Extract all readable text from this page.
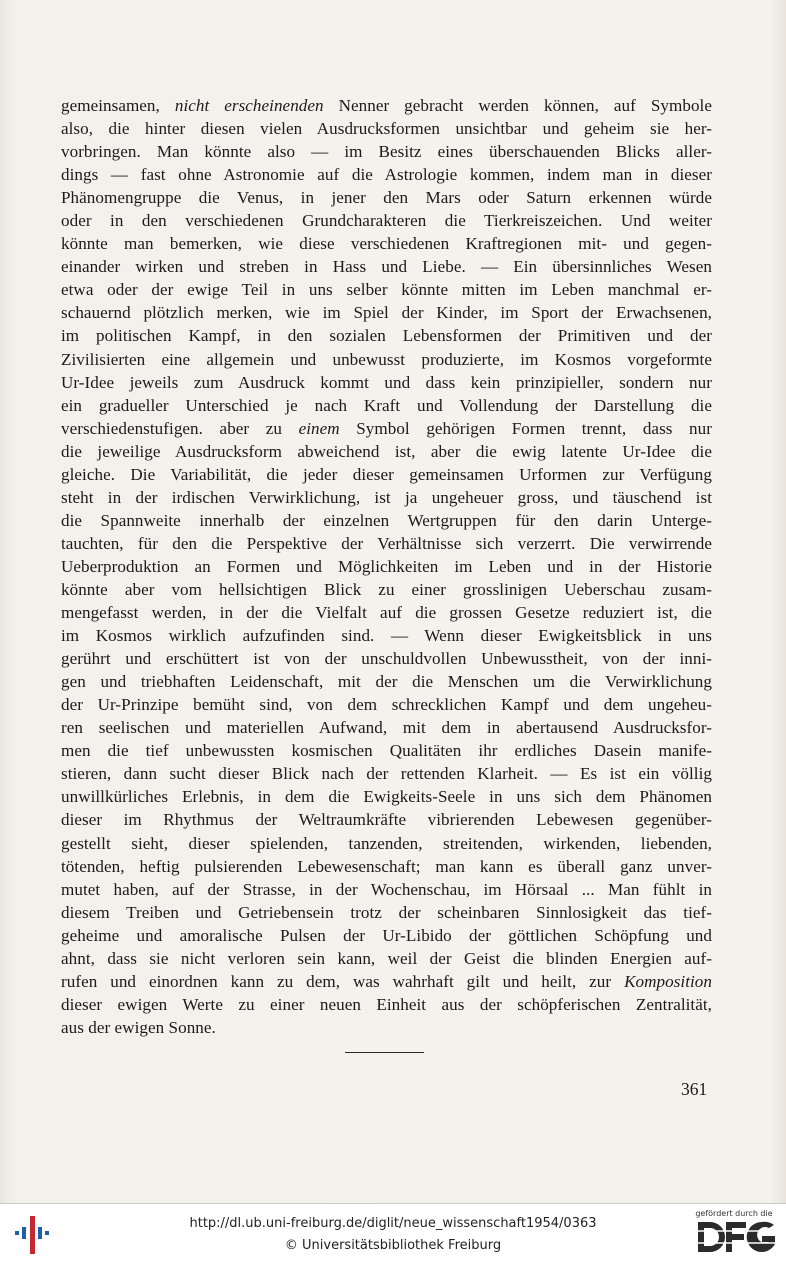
gemeinsamen, nicht erscheinenden Nenner gebracht werden können, auf Symbole
also, die hinter diesen vielen Ausdrucksformen unsichtbar und geheim sie her-
vorbringen. Man könnte also — im Besitz eines überschauenden Blicks aller-
dings — fast ohne Astronomie auf die Astrologie kommen, indem man in dieser
Phänomengruppe die Venus, in jener den Mars oder Saturn erkennen würde
oder in den verschiedenen Grundcharakteren die Tierkreiszeichen. Und weiter
könnte man bemerken, wie diese verschiedenen Kraftregionen mit- und gegen-
einander wirken und streben in Hass und Liebe. — Ein übersinnliches Wesen
etwa oder der ewige Teil in uns selber könnte mitten im Leben manchmal er-
schauernd plötzlich merken, wie im Spiel der Kinder, im Sport der Erwachsenen,
im politischen Kampf, in den sozialen Lebensformen der Primitiven und der
Zivilisierten eine allgemein und unbewusst produzierte, im Kosmos vorgeformte
Ur-Idee jeweils zum Ausdruck kommt und dass kein prinzipieller, sondern nur
ein gradueller Unterschied je nach Kraft und Vollendung der Darstellung die
verschiedenstufigen. aber zu einem Symbol gehörigen Formen trennt, dass nur
die jeweilige Ausdrucksform abweichend ist, aber die ewig latente Ur-Idee die
gleiche. Die Variabilität, die jeder dieser gemeinsamen Urformen zur Verfügung
steht in der irdischen Verwirklichung, ist ja ungeheuer gross, und täuschend ist
die Spannweite innerhalb der einzelnen Wertgruppen für den darin Unterge-
tauchten, für den die Perspektive der Verhältnisse sich verzerrt. Die verwirrende
Ueberproduktion an Formen und Möglichkeiten im Leben und in der Historie
könnte aber vom hellsichtigen Blick zu einer grosslinigen Ueberschau zusam-
mengefasst werden, in der die Vielfalt auf die grossen Gesetze reduziert ist, die
im Kosmos wirklich aufzufinden sind. — Wenn dieser Ewigkeitsblick in uns
gerührt und erschüttert ist von der unschuldvollen Unbewusstheit, von der inni-
gen und triebhaften Leidenschaft, mit der die Menschen um die Verwirklichung
der Ur-Prinzipe bemüht sind, von dem schrecklichen Kampf und dem ungeheu-
ren seelischen und materiellen Aufwand, mit dem in abertausend Ausdrucksfor-
men die tief unbewussten kosmischen Qualitäten ihr erdliches Dasein manife-
stieren, dann sucht dieser Blick nach der rettenden Klarheit. — Es ist ein völlig
unwillkürliches Erlebnis, in dem die Ewigkeits-Seele in uns sich dem Phänomen
dieser im Rhythmus der Weltraumkräfte vibrierenden Lebewesen gegenüber-
gestellt sieht, dieser spielenden, tanzenden, streitenden, wirkenden, liebenden,
tötenden, heftig pulsierenden Lebewesenschaft; man kann es überall ganz unver-
mutet haben, auf der Strasse, in der Wochenschau, im Hörsaal ... Man fühlt in
diesem Treiben und Getriebensein trotz der scheinbaren Sinnlosigkeit das tief-
geheime und amoralische Pulsen der Ur-Libido der göttlichen Schöpfung und
ahnt, dass sie nicht verloren sein kann, weil der Geist die blinden Energien auf-
rufen und einordnen kann zu dem, was wahrhaft gilt und heilt, zur Komposition
dieser ewigen Werte zu einer neuen Einheit aus der schöpferischen Zentralität,
aus der ewigen Sonne.
361
http://dl.ub.uni-freiburg.de/diglit/neue_wissenschaft1954/0363
© Universitätsbibliothek Freiburg
gefördert durch die
